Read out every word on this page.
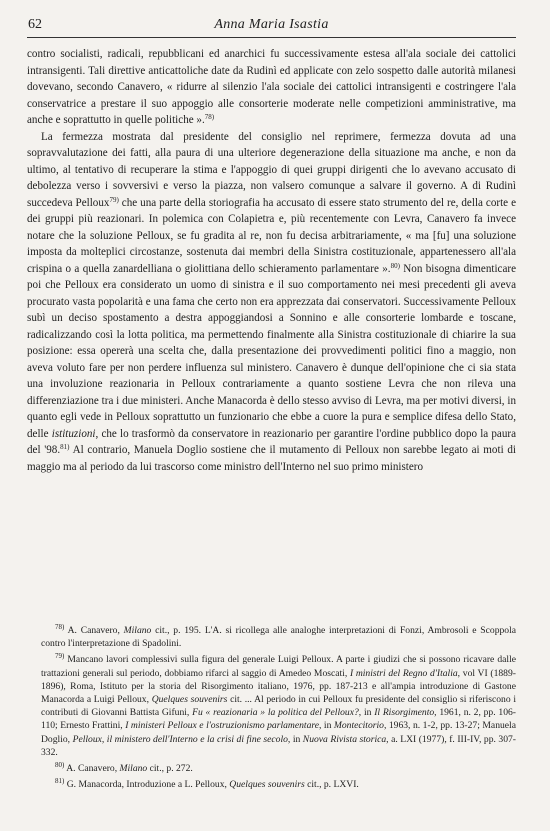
62	Anna Maria Isastia

contro socialisti, radicali, repubblicani ed anarchici fu successivamente estesa all'ala sociale dei cattolici intransigenti. Tali direttive anticattoliche date da Rudinì ed applicate con zelo sospetto dalle autorità milanesi dovevano, secondo Canavero, « ridurre al silenzio l'ala sociale dei cattolici intransigenti e costringere l'ala conservatrice a prestare il suo appoggio alle consorterie moderate nelle competizioni amministrative, ma anche e soprattutto in quelle politiche ».$^{78)}$

La fermezza mostrata dal presidente del consiglio nel reprimere, fermezza dovuta ad una sopravvalutazione dei fatti, alla paura di una ulteriore degenerazione della situazione ma anche, e non da ultimo, al tentativo di recuperare la stima e l'appoggio di quei gruppi dirigenti che lo avevano accusato di debolezza verso i sovversivi e verso la piazza, non valsero comunque a salvare il governo. A di Rudinì succedeva Pelloux$^{79)}$ che una parte della storiografia ha accusato di essere stato strumento del re, della corte e dei gruppi più reazionari. In polemica con Colapietra e, più recentemente con Levra, Canavero fa invece notare che la soluzione Pelloux, se fu gradita al re, non fu decisa arbitrariamente, « ma [fu] una soluzione imposta da molteplici circostanze, sostenuta dai membri della Sinistra costituzionale, appartenessero all'ala crispina o a quella zanardelliana o giolittiana dello schieramento parlamentare ».$^{80)}$ Non bisogna dimenticare poi che Pelloux era considerato un uomo di sinistra e il suo comportamento nei mesi precedenti gli aveva procurato vasta popolarità e una fama che certo non era apprezzata dai conservatori. Successivamente Pelloux subì un deciso spostamento a destra appoggiandosi a Sonnino e alle consorterie lombarde e toscane, radicalizzando così la lotta politica, ma permettendo finalmente alla Sinistra costituzionale di chiarire la sua posizione: essa opererà una scelta che, dalla presentazione dei provvedimenti politici fino a maggio, non aveva voluto fare per non perdere influenza sul ministero. Canavero è dunque dell'opinione che ci sia stata una involuzione reazionaria in Pelloux contrariamente a quanto sostiene Levra che non rileva una differenziazione tra i due ministeri. Anche Manacorda è dello stesso avviso di Levra, ma per motivi diversi, in quanto egli vede in Pelloux soprattutto un funzionario che ebbe a cuore la pura e semplice difesa dello Stato, delle istituzioni, che lo trasformò da conservatore in reazionario per garantire l'ordine pubblico dopo la paura del '98.$^{81)}$ Al contrario, Manuela Doglio sostiene che il mutamento di Pelloux non sarebbe legato ai moti di maggio ma al periodo da lui trascorso come ministro dell'Interno nel suo primo ministero

$^{78)}$ A. Canavero, Milano cit., p. 195. L'A. si ricollega alle analoghe interpretazioni di Fonzi, Ambrosoli e Scoppola contro l'interpretazione di Spadolini.

$^{79)}$ Mancano lavori complessivi sulla figura del generale Luigi Pelloux. A parte i giudizi che si possono ricavare dalle trattazioni generali sul periodo, dobbiamo rifarci al saggio di Amedeo Moscati, I ministri del Regno d'Italia, vol VI (1889-1896), Roma, Istituto per la storia del Risorgimento italiano, 1976, pp. 187-213 e all'ampia introduzione di Gastone Manacorda a Luigi Pelloux, Quelques souvenirs cit. ... Al periodo in cui Pelloux fu presidente del consiglio si riferiscono i contributi di Giovanni Battista Gifuni, Fu « reazionaria » la politica del Pelloux?, in Il Risorgimento, 1961, n. 2, pp. 106-110; Ernesto Frattini, I ministeri Pelloux e l'ostruzionismo parlamentare, in Montecitorio, 1963, n. 1-2, pp. 13-27; Manuela Doglio, Pelloux, il ministero dell'Interno e la crisi di fine secolo, in Nuova Rivista storica, a. LXI (1977), f. III-IV, pp. 307-332.

$^{80)}$ A. Canavero, Milano cit., p. 272.

$^{81)}$ G. Manacorda, Introduzione a L. Pelloux, Quelques souvenirs cit., p. LXVI.
